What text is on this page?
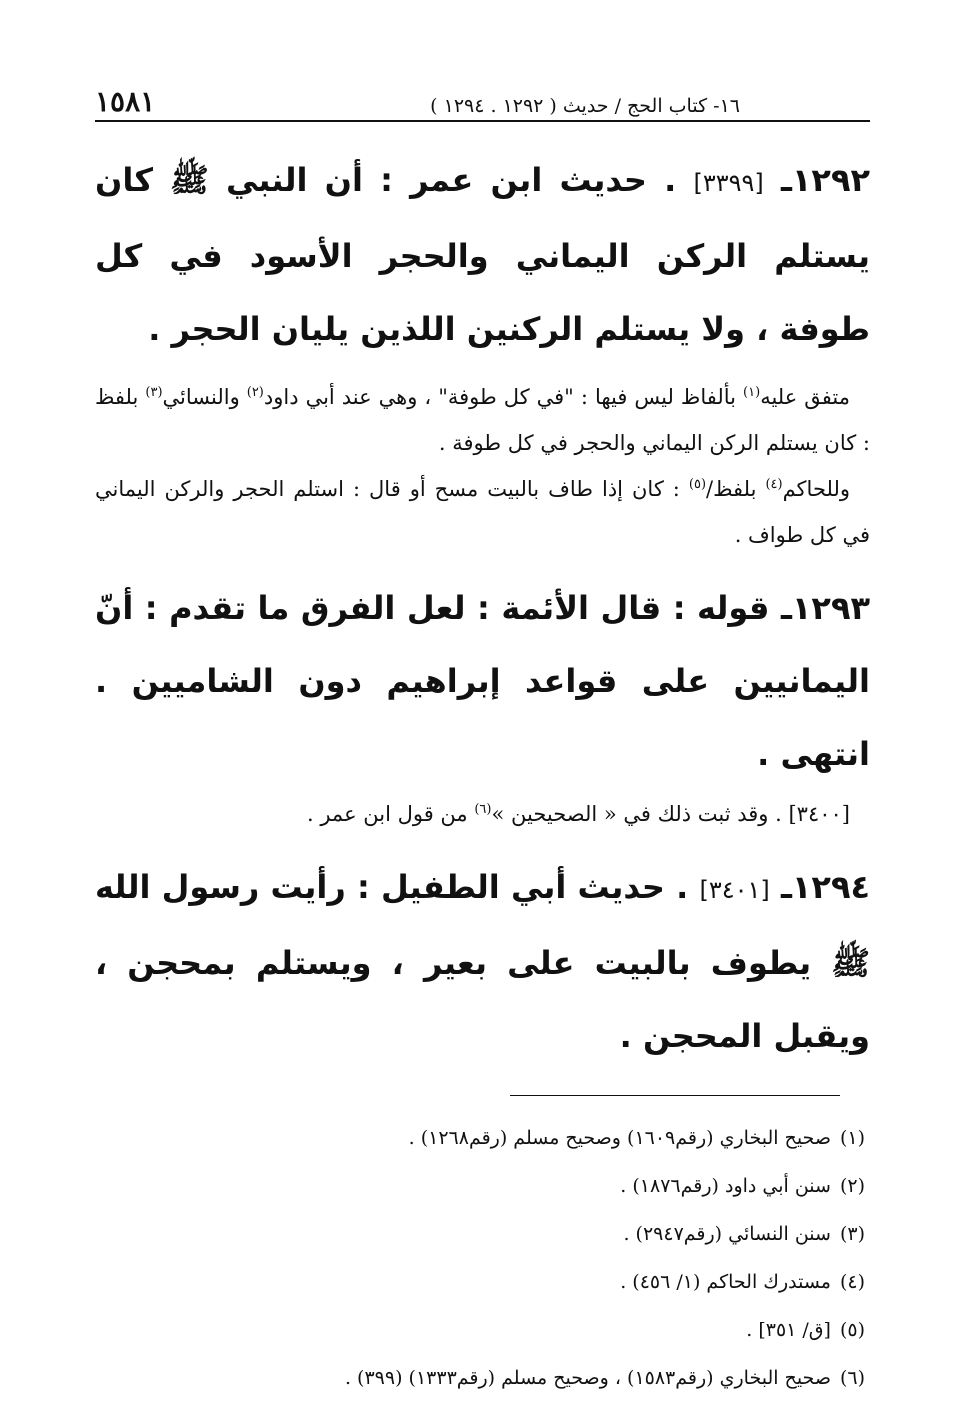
١٦- كتاب الحج / حديث ( ١٢٩٢ . ١٢٩٤ )
١٥٨١
١٢٩٢ـ [٣٣٩٩] . حديث ابن عمر : أن النبي ﷺ كان يستلم الركن اليماني والحجر الأسود في كل طوفة ، ولا يستلم الركنين اللذين يليان الحجر .
متفق عليه$^{(١)}$ بألفاظ ليس فيها : "في كل طوفة" ، وهي عند أبي داود$^{(٢)}$ والنسائي$^{(٣)}$ بلفظ : كان يستلم الركن اليماني والحجر في كل طوفة .
وللحاكم$^{(٤)}$ بلفظ/$^{(٥)}$ : كان إذا طاف بالبيت مسح أو قال : استلم الحجر والركن اليماني في كل طواف .
١٢٩٣ـ قوله : قال الأئمة : لعل الفرق ما تقدم : أنّ اليمانيين على قواعد إبراهيم دون الشاميين . انتهى .
[٣٤٠٠] . وقد ثبت ذلك في « الصحيحين »$^{(٦)}$ من قول ابن عمر .
١٢٩٤ـ [٣٤٠١] . حديث أبي الطفيل : رأيت رسول الله ﷺ يطوف بالبيت على بعير ، ويستلم بمحجن ، ويقبل المحجن .
(١) صحيح البخاري (رقم١٦٠٩) وصحيح مسلم (رقم١٢٦٨) .
(٢) سنن أبي داود (رقم١٨٧٦) .
(٣) سنن النسائي (رقم٢٩٤٧) .
(٤) مستدرك الحاكم (١/ ٤٥٦) .
(٥) [ق/ ٣٥١] .
(٦) صحيح البخاري (رقم١٥٨٣) ، وصحيح مسلم (رقم١٣٣٣) (٣٩٩) .
